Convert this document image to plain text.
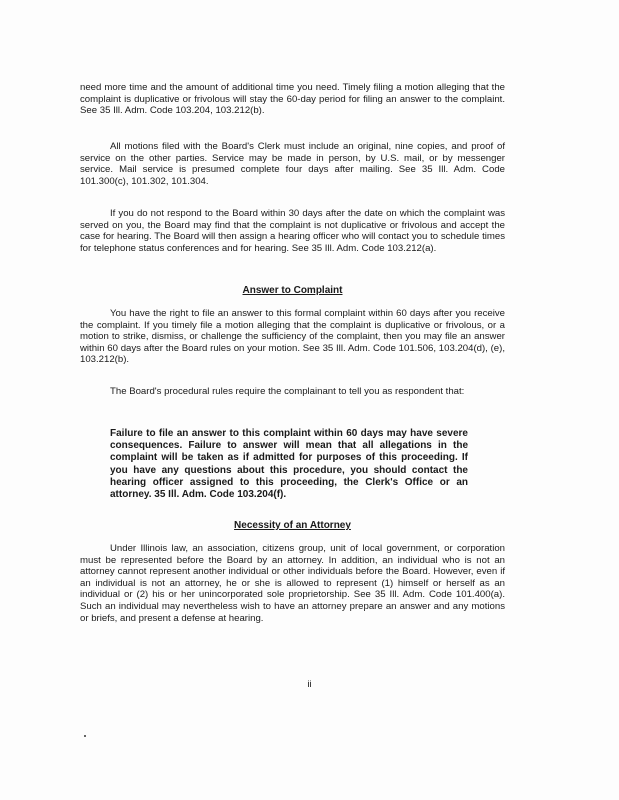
need more time and the amount of additional time you need. Timely filing a motion alleging that the complaint is duplicative or frivolous will stay the 60-day period for filing an answer to the complaint. See 35 Ill. Adm. Code 103.204, 103.212(b).

All motions filed with the Board's Clerk must include an original, nine copies, and proof of service on the other parties. Service may be made in person, by U.S. mail, or by messenger service. Mail service is presumed complete four days after mailing. See 35 Ill. Adm. Code 101.300(c), 101.302, 101.304.

If you do not respond to the Board within 30 days after the date on which the complaint was served on you, the Board may find that the complaint is not duplicative or frivolous and accept the case for hearing. The Board will then assign a hearing officer who will contact you to schedule times for telephone status conferences and for hearing. See 35 Ill. Adm. Code 103.212(a).

Answer to Complaint

You have the right to file an answer to this formal complaint within 60 days after you receive the complaint. If you timely file a motion alleging that the complaint is duplicative or frivolous, or a motion to strike, dismiss, or challenge the sufficiency of the complaint, then you may file an answer within 60 days after the Board rules on your motion. See 35 Ill. Adm. Code 101.506, 103.204(d), (e), 103.212(b).

The Board's procedural rules require the complainant to tell you as respondent that:

Failure to file an answer to this complaint within 60 days may have severe consequences. Failure to answer will mean that all allegations in the complaint will be taken as if admitted for purposes of this proceeding. If you have any questions about this procedure, you should contact the hearing officer assigned to this proceeding, the Clerk's Office or an attorney. 35 Ill. Adm. Code 103.204(f).

Necessity of an Attorney

Under Illinois law, an association, citizens group, unit of local government, or corporation must be represented before the Board by an attorney. In addition, an individual who is not an attorney cannot represent another individual or other individuals before the Board. However, even if an individual is not an attorney, he or she is allowed to represent (1) himself or herself as an individual or (2) his or her unincorporated sole proprietorship. See 35 Ill. Adm. Code 101.400(a). Such an individual may nevertheless wish to have an attorney prepare an answer and any motions or briefs, and present a defense at hearing.

ii
